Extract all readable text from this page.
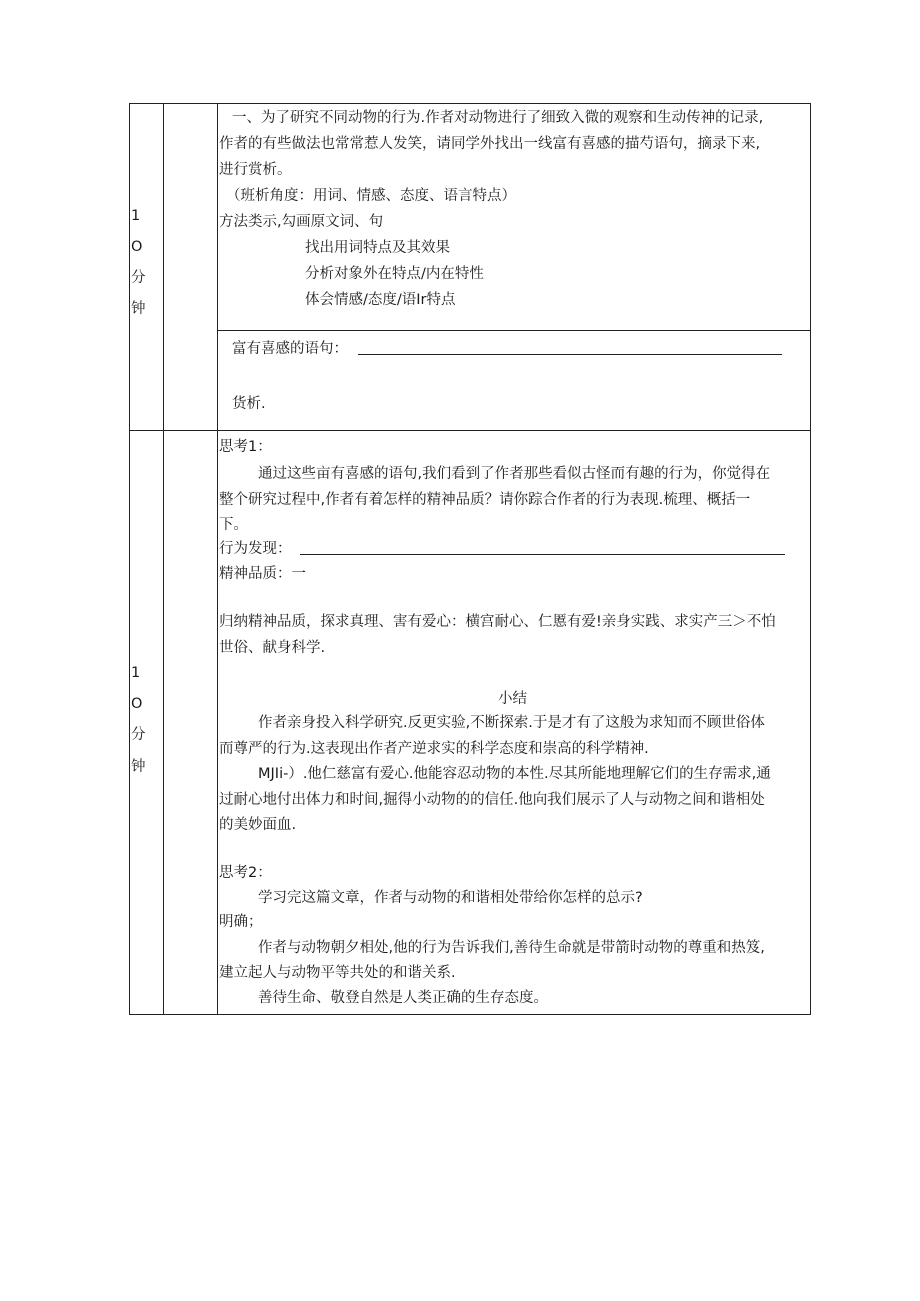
1
O
分
钟
一、为了研究不同动物的行为.作者对动物进行了细致入微的观察和生动传神的记录,
作者的有些做法也常常惹人发笑，请同学外找出一线富有喜感的描芍语句，摘录下来,
进行赏析。
（班析角度：用词、情感、态度、语言特点）
方法类示,勾画原文词、句
找出用词特点及其效果
分析对象外在特点/内在特性
体会情感/态度/语Ir特点
富有喜感的语句：
货析.
1
O
分
钟
思考1：
通过这些亩有喜感的语句,我们看到了作者那些看似古怪而有趣的行为，你觉得在
整个研究过程中,作者有着怎样的精神品质？请你踪合作者的行为表现.梳理、概括一
下。
行为发现：
精神品质：一
归纳精神品质，探求真理、害有爱心：横宫耐心、仁慝有爱!亲身实践、求实产三＞不怕
世俗、献身科学.
小结
作者亲身投入科学研究.反更实验,不断探索.于是才有了这般为求知而不顾世俗体
而尊严的行为.这表现出作者产逆求实的科学态度和崇高的科学精神.
MJIi-）.他仁慈富有爱心.他能容忍动物的本性.尽其所能地理解它们的生存需求,通
过耐心地付出体力和时间,掘得小动物的的信任.他向我们展示了人与动物之间和谐相处
的美妙面血.
思考2：
学习完这篇文章，作者与动物的和谐相处带给你怎样的总示?
明确；
作者与动物朝夕相处,他的行为告诉我们,善待生命就是带箭时动物的尊重和热笈,
建立起人与动物平等共处的和谐关系.
善待生命、敬登自然是人类正确的生存态度。
